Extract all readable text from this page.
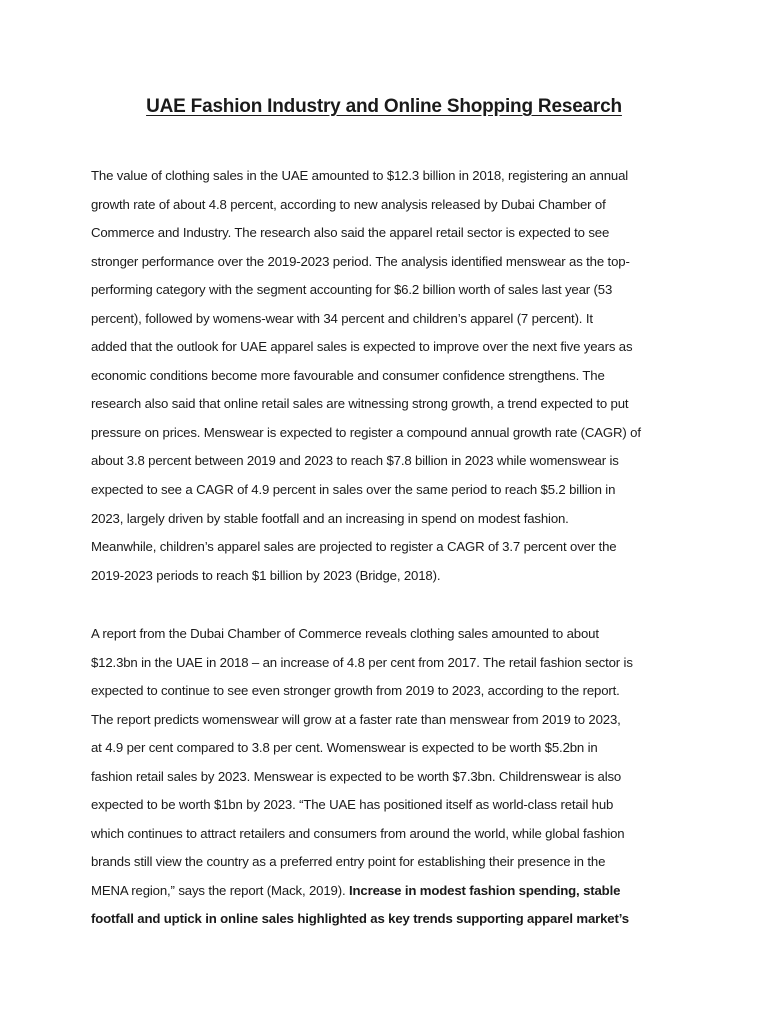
UAE Fashion Industry and Online Shopping Research

The value of clothing sales in the UAE amounted to $12.3 billion in 2018, registering an annual
growth rate of about 4.8 percent, according to new analysis released by Dubai Chamber of
Commerce and Industry. The research also said the apparel retail sector is expected to see
stronger performance over the 2019-2023 period. The analysis identified menswear as the top-
performing category with the segment accounting for $6.2 billion worth of sales last year (53
percent), followed by womens-wear with 34 percent and children’s apparel (7 percent). It
added that the outlook for UAE apparel sales is expected to improve over the next five years as
economic conditions become more favourable and consumer confidence strengthens. The
research also said that online retail sales are witnessing strong growth, a trend expected to put
pressure on prices. Menswear is expected to register a compound annual growth rate (CAGR) of
about 3.8 percent between 2019 and 2023 to reach $7.8 billion in 2023 while womenswear is
expected to see a CAGR of 4.9 percent in sales over the same period to reach $5.2 billion in
2023, largely driven by stable footfall and an increasing in spend on modest fashion.
Meanwhile, children’s apparel sales are projected to register a CAGR of 3.7 percent over the
2019-2023 periods to reach $1 billion by 2023 (Bridge, 2018).

A report from the Dubai Chamber of Commerce reveals clothing sales amounted to about
$12.3bn in the UAE in 2018 – an increase of 4.8 per cent from 2017. The retail fashion sector is
expected to continue to see even stronger growth from 2019 to 2023, according to the report.
The report predicts womenswear will grow at a faster rate than menswear from 2019 to 2023,
at 4.9 per cent compared to 3.8 per cent. Womenswear is expected to be worth $5.2bn in
fashion retail sales by 2023. Menswear is expected to be worth $7.3bn. Childrenswear is also
expected to be worth $1bn by 2023. “The UAE has positioned itself as world-class retail hub
which continues to attract retailers and consumers from around the world, while global fashion
brands still view the country as a preferred entry point for establishing their presence in the
MENA region,” says the report (Mack, 2019). Increase in modest fashion spending, stable
footfall and uptick in online sales highlighted as key trends supporting apparel market’s
